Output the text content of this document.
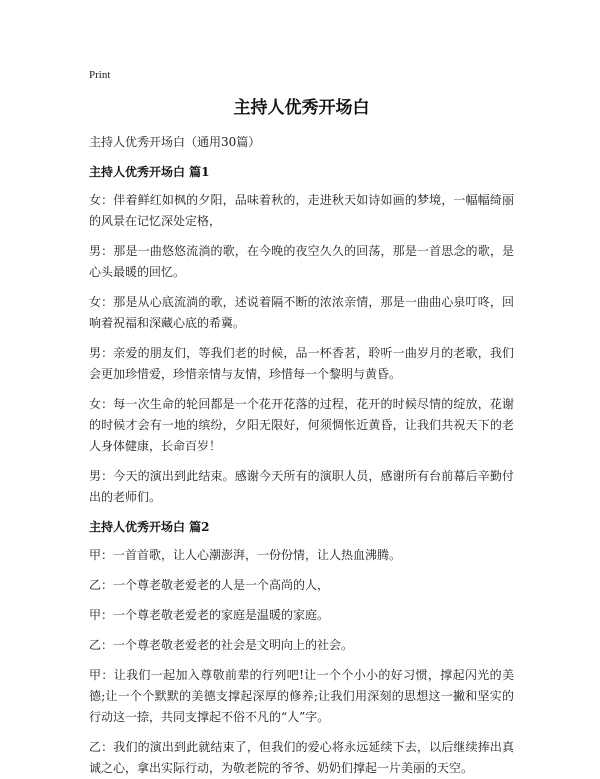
Print
主持人优秀开场白

主持人优秀开场白（通用30篇）

主持人优秀开场白 篇1

女：伴着鲜红如枫的夕阳，品味着秋的，走进秋天如诗如画的梦境，一幅幅绮丽的风景在记忆深处定格，

男：那是一曲悠悠流淌的歌，在今晚的夜空久久的回荡，那是一首思念的歌，是心头最暖的回忆。

女：那是从心底流淌的歌，述说着隔不断的浓浓亲情，那是一曲曲心泉叮咚，回响着祝福和深藏心底的希冀。

男：亲爱的朋友们，等我们老的时候，品一杯香茗，聆听一曲岁月的老歌，我们会更加珍惜爱，珍惜亲情与友情，珍惜每一个黎明与黄昏。

女：每一次生命的轮回都是一个花开花落的过程，花开的时候尽情的绽放，花谢的时候才会有一地的缤纷，夕阳无限好，何须惆怅近黄昏，让我们共祝天下的老人身体健康，长命百岁！

男：今天的演出到此结束。感谢今天所有的演职人员，感谢所有台前幕后辛勤付出的老师们。

主持人优秀开场白 篇2

甲：一首首歌，让人心潮澎湃，一份份情，让人热血沸腾。

乙：一个尊老敬老爱老的人是一个高尚的人，

甲：一个尊老敬老爱老的家庭是温暖的家庭。

乙：一个尊老敬老爱老的社会是文明向上的社会。

甲：让我们一起加入尊敬前辈的行列吧!让一个个小小的好习惯，撑起闪光的美德;让一个个默默的美德支撑起深厚的修养;让我们用深刻的思想这一撇和坚实的行动这一捺，共同支撑起不俗不凡的“人”字。

乙：我们的演出到此就结束了，但我们的爱心将永远延续下去，以后继续捧出真诚之心，拿出实际行动，为敬老院的爷爷、奶奶们撑起一片美丽的天空。
